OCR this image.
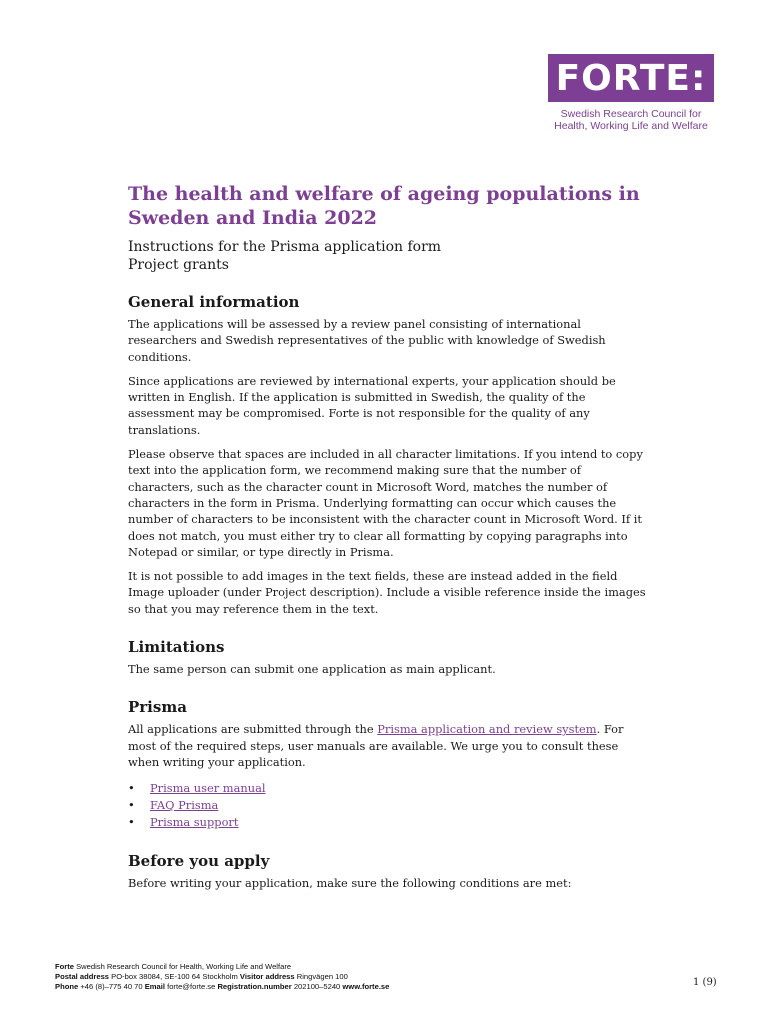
FORTE:
Swedish Research Council for
Health, Working Life and Welfare
The health and welfare of ageing populations in Sweden and India 2022
Instructions for the Prisma application form
Project grants
General information

The applications will be assessed by a review panel consisting of international researchers and Swedish representatives of the public with knowledge of Swedish conditions.

Since applications are reviewed by international experts, your application should be written in English. If the application is submitted in Swedish, the quality of the assessment may be compromised. Forte is not responsible for the quality of any translations.

Please observe that spaces are included in all character limitations. If you intend to copy text into the application form, we recommend making sure that the number of characters, such as the character count in Microsoft Word, matches the number of characters in the form in Prisma. Underlying formatting can occur which causes the number of characters to be inconsistent with the character count in Microsoft Word. If it does not match, you must either try to clear all formatting by copying paragraphs into Notepad or similar, or type directly in Prisma.

It is not possible to add images in the text fields, these are instead added in the field Image uploader (under Project description). Include a visible reference inside the images so that you may reference them in the text.

Limitations

The same person can submit one application as main applicant.

Prisma

All applications are submitted through the Prisma application and review system. For most of the required steps, user manuals are available. We urge you to consult these when writing your application.

• Prisma user manual
• FAQ Prisma
• Prisma support
Before you apply

Before writing your application, make sure the following conditions are met:

Forte Swedish Research Council for Health, Working Life and Welfare
Postal address PO-box 38084, SE-100 64 Stockholm Visitor address Ringvägen 100
Phone +46 (8)–775 40 70 Email forte@forte.se Registration.number 202100–5240 www.forte.se	1 (9)
